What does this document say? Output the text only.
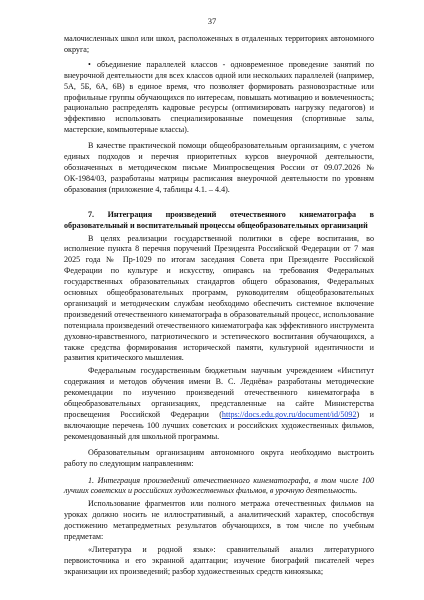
37

малочисленных школ или школ, расположенных в отдаленных территориях автономного округа;

• объединение параллелей классов - одновременное проведение занятий по внеурочной деятельности для всех классов одной или нескольких параллелей (например, 5А, 5Б, 6А, 6В) в единое время, что позволяет формировать разновозрастные или профильные группы обучающихся по интересам, повышать мотивацию и вовлеченность; рационально распределять кадровые ресурсы (оптимизировать нагрузку педагогов) и эффективно использовать специализированные помещения (спортивные залы, мастерские, компьютерные классы).

В качестве практической помощи общеобразовательным организациям, с учетом единых подходов и перечня приоритетных курсов внеурочной деятельности, обозначенных в методическом письме Минпросвещения России от 09.07.2026 № ОК-1984/03, разработаны матрицы расписания внеурочной деятельности по уровням образования (приложение 4, таблицы 4.1. – 4.4).

7. Интеграция произведений отечественного кинематографа в образовательный и воспитательный процессы общеобразовательных организаций

В целях реализации государственной политики в сфере воспитания, во исполнение пункта 8 перечня поручений Президента Российской Федерации от 7 мая 2025 года № Пр-1029 по итогам заседания Совета при Президенте Российской Федерации по культуре и искусству, опираясь на требования Федеральных государственных образовательных стандартов общего образования, Федеральных основных общеобразовательных программ, руководителям общеобразовательных организаций и методическим службам необходимо обеспечить системное включение произведений отечественного кинематографа в образовательный процесс, использование потенциала произведений отечественного кинематографа как эффективного инструмента духовно-нравственного, патриотического и эстетического воспитания обучающихся, а также средства формирования исторической памяти, культурной идентичности и развития критического мышления.

Федеральным государственным бюджетным научным учреждением «Институт содержания и методов обучения имени В. С. Леднёва» разработаны методические рекомендации по изучению произведений отечественного кинематографа в общеобразовательных организациях, представленные на сайте Министерства просвещения Российской Федерации (https://docs.edu.gov.ru/document/id/5092) и включающие перечень 100 лучших советских и российских художественных фильмов, рекомендованный для школьной программы.

Образовательным организациям автономного округа необходимо выстроить работу по следующим направлениям:

1. Интеграция произведений отечественного кинематографа, в том числе 100 лучших советских и российских художественных фильмов, в урочную деятельность.

Использование фрагментов или полного метража отечественных фильмов на уроках должно носить не иллюстративный, а аналитический характер, способствуя достижению метапредметных результатов обучающихся, в том числе по учебным предметам:

«Литература и родной язык»: сравнительный анализ литературного первоисточника и его экранной адаптации; изучение биографий писателей через экранизации их произведений; разбор художественных средств киноязыка;
